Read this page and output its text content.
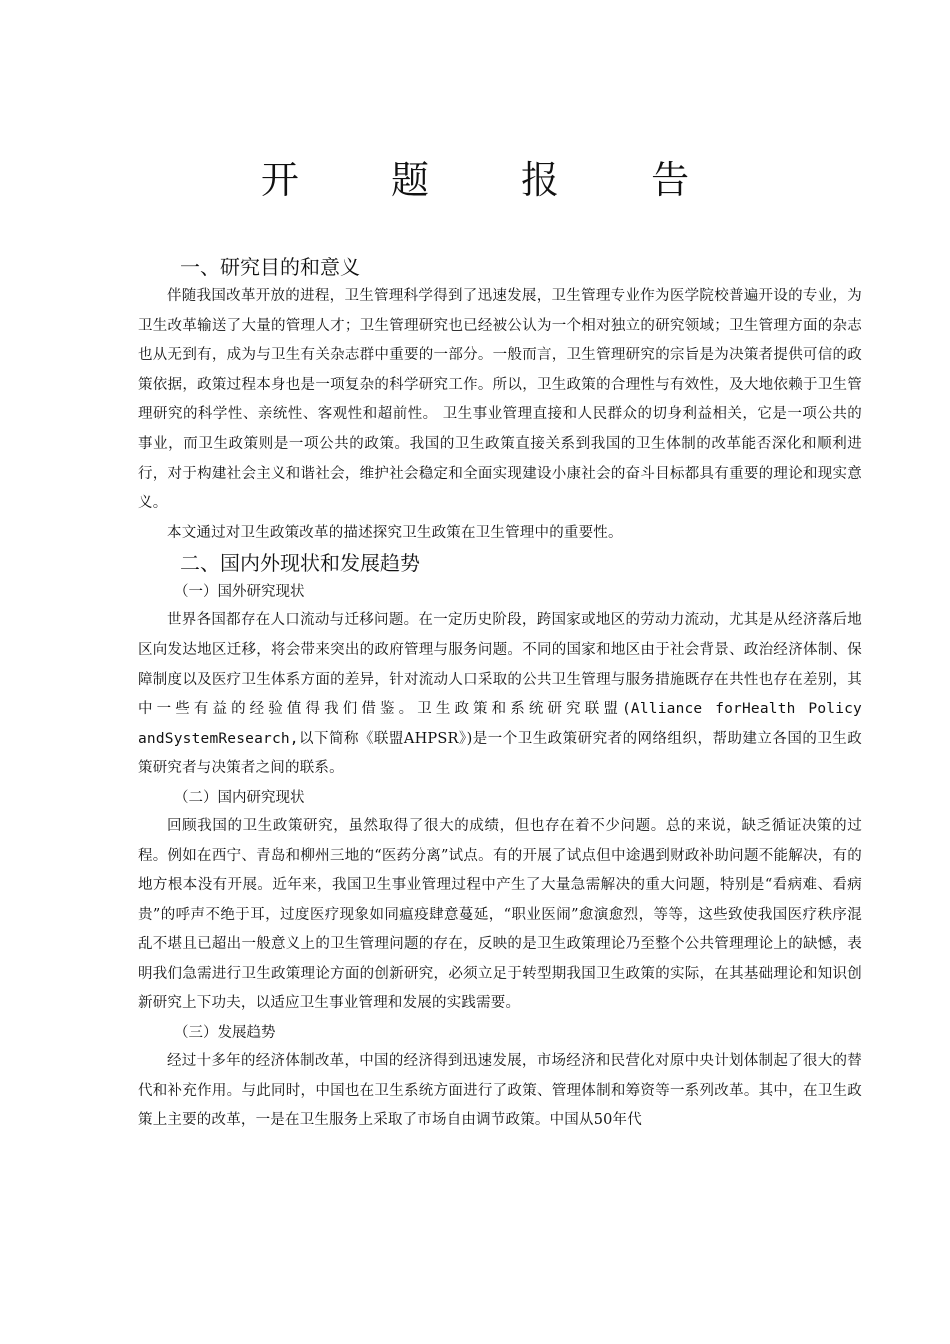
开 题 报 告

一、研究目的和意义

伴随我国改革开放的进程，卫生管理科学得到了迅速发展，卫生管理专业作为医学院校普遍开设的专业，为卫生改革输送了大量的管理人才；卫生管理研究也已经被公认为一个相对独立的研究领域；卫生管理方面的杂志也从无到有，成为与卫生有关杂志群中重要的一部分。一般而言，卫生管理研究的宗旨是为决策者提供可信的政策依据，政策过程本身也是一项复杂的科学研究工作。所以，卫生政策的合理性与有效性，及大地依赖于卫生管理研究的科学性、亲统性、客观性和超前性。 卫生事业管理直接和人民群众的切身利益相关，它是一项公共的事业，而卫生政策则是一项公共的政策。我国的卫生政策直接关系到我国的卫生体制的改革能否深化和顺利进行，对于构建社会主义和谐社会，维护社会稳定和全面实现建设小康社会的奋斗目标都具有重要的理论和现实意义。

本文通过对卫生政策改革的描述探究卫生政策在卫生管理中的重要性。

二、国内外现状和发展趋势

（一）国外研究现状

世界各国都存在人口流动与迁移问题。在一定历史阶段，跨国家或地区的劳动力流动，尤其是从经济落后地区向发达地区迁移，将会带来突出的政府管理与服务问题。不同的国家和地区由于社会背景、政治经济体制、保障制度以及医疗卫生体系方面的差异，针对流动人口采取的公共卫生管理与服务措施既存在共性也存在差别，其中一些有益的经验值得我们借鉴。卫生政策和系统研究联盟(Alliance forHealth Policy andSystemResearch,以下简称《联盟AHPSR》)是一个卫生政策研究者的网络组织，帮助建立各国的卫生政策研究者与决策者之间的联系。

（二）国内研究现状

回顾我国的卫生政策研究，虽然取得了很大的成绩，但也存在着不少问题。总的来说，缺乏循证决策的过程。例如在西宁、青岛和柳州三地的“医药分离”试点。有的开展了试点但中途遇到财政补助问题不能解决，有的地方根本没有开展。近年来，我国卫生事业管理过程中产生了大量急需解决的重大问题，特别是“看病难、看病贵”的呼声不绝于耳，过度医疗现象如同瘟疫肆意蔓延，“职业医闹”愈演愈烈，等等，这些致使我国医疗秩序混乱不堪且已超出一般意义上的卫生管理问题的存在，反映的是卫生政策理论乃至整个公共管理理论上的缺憾，表明我们急需进行卫生政策理论方面的创新研究，必须立足于转型期我国卫生政策的实际，在其基础理论和知识创新研究上下功夫，以适应卫生事业管理和发展的实践需要。

（三）发展趋势

经过十多年的经济体制改革，中国的经济得到迅速发展，市场经济和民营化对原中央计划体制起了很大的替代和补充作用。与此同时，中国也在卫生系统方面进行了政策、管理体制和筹资等一系列改革。其中，在卫生政策上主要的改革，一是在卫生服务上采取了市场自由调节政策。中国从50年代
